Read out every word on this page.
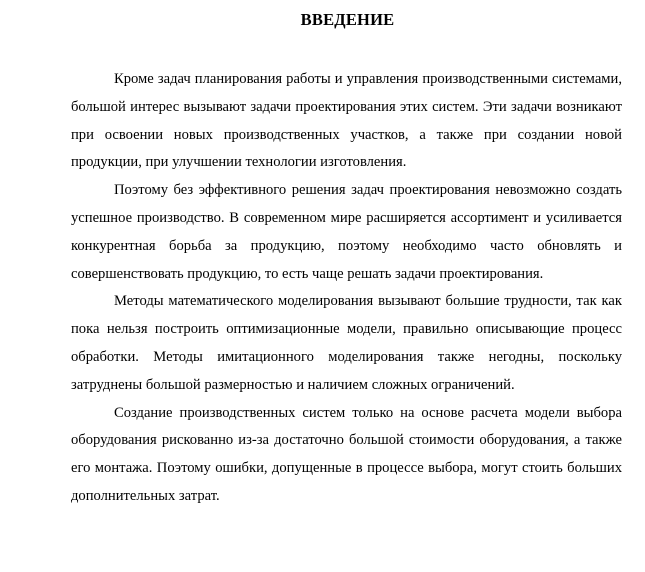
ВВЕДЕНИЕ

Кроме задач планирования работы и управления производственными системами, большой интерес вызывают задачи проектирования этих систем. Эти задачи возникают при освоении новых производственных участков, а также при создании новой продукции, при улучшении технологии изготовления.

Поэтому без эффективного решения задач проектирования невозможно создать успешное производство. В современном мире расширяется ассортимент и усиливается конкурентная борьба за продукцию, поэтому необходимо часто обновлять и совершенствовать продукцию, то есть чаще решать задачи проектирования.

Методы математического моделирования вызывают большие трудности, так как пока нельзя построить оптимизационные модели, правильно описывающие процесс обработки. Методы имитационного моделирования также негодны, поскольку затруднены большой размерностью и наличием сложных ограничений.

Создание производственных систем только на основе расчета модели выбора оборудования рискованно из-за достаточно большой стоимости оборудования, а также его монтажа. Поэтому ошибки, допущенные в процессе выбора, могут стоить больших дополнительных затрат.
